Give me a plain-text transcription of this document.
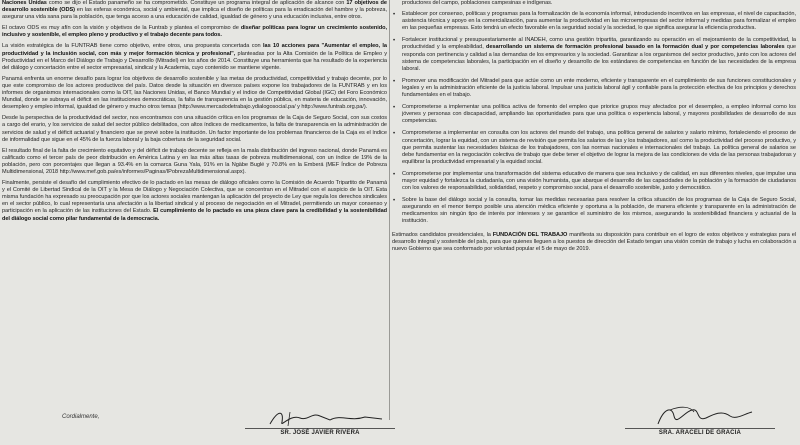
Naciones Unidas como se dijo el Estado panameño se ha comprometido. Constituye un programa integral de aplicación de alcance con 17 objetivos de desarrollo sostenible (ODS) en las esferas económica, social y ambiental, que implica el diseño de políticas para la erradicación del hambre y la pobreza, asegurar una vida sana para la población, que tenga acceso a una educación de calidad, igualdad de género y una educación inclusiva, entre otros.

El octavo ODS es muy afín con la visión y objetivos de la Funtrab y plantea el compromiso de diseñar políticas para lograr un crecimiento sostenido, inclusivo y sostenible, el empleo pleno y productivo y el trabajo decente para todos.

La visión estratégica de la FUNTRAB tiene como objetivo, entre otros, una propuesta concertada con las 10 acciones para "Aumentar el empleo, la productividad y la inclusión social, con más y mejor formación técnica y profesional", planteadas por la Alta Comisión de la Política de Empleo y Productividad en el Marco del Diálogo de Trabajo y Desarrollo (Mitradel) en los años de 2014. Constituye una herramienta que ha resultado de la experiencia del diálogo y concertación entre el sector empresarial, sindical y la Academia, cuyo contenido se mantiene vigente.

Panamá enfrenta un enorme desafío para lograr los objetivos de desarrollo sostenible y las metas de productividad, competitividad y trabajo decente, por lo que este compromiso de los actores productivos del país. Datos desde la situación en diversos países expone los trabajadores de la FUNTRAB y en los informes de organismos internacionales como la OIT, las Naciones Unidas, el Banco Mundial y el índice de Competitividad Global (IGC) del Foro Económico Mundial, donde se subraya el déficit en las instituciones democráticas, la falta de transparencia en la gestión pública, en materia de educación, innovación, desempleo y empleo informal, igualdad de género y mucho otros temas (http://www.mercadodetrabajo.ydialogosocial.pa/ y http://www.funtrab.org.pa/).

Desde la perspectiva de la productividad del sector, nos encontramos con una situación crítica en los programas de la Caja de Seguro Social, con sus costos a cargo del erario, y los servicios de salud del sector público debilitados, con altos índices de medicamentos, la falta de transparencia en la administración de servicios de salud y el déficit actuarial y financiero que se prevé sobre la institución. Un factor importante de los problemas financieros de la Caja es el índice de informalidad que sigue en el 45% de la fuerza laboral y la baja cobertura de la seguridad social.

El resultado final de la falta de crecimiento equitativo y del déficit de trabajo decente se refleja en la mala distribución del ingreso nacional, donde Panamá es calificado como el tercer país de peor distribución en América Latina y en las más altas tasas de pobreza multidimensional, con un índice de 19% de la población, pero con porcentajes que llegan a 93.4% en la comarca Guna Yala, 91% en la Ngäbe Buglé y 70.8% en la Emberá (MEF Índice de Pobreza Multidimensional, 2018 http://www.mef.gob.pa/es/informes/Paginas/IPobrezaMultidimensional.aspx).

Finalmente, persiste el desafío del cumplimiento efectivo de lo pactado en las mesas de diálogo oficiales como la Comisión de Acuerdo Tripartito de Panamá y el Comité de Libertad Sindical de la OIT y la Mesa de Diálogo y Negociación Colectiva, que se concentran en el Mitradel con el auspicio de la OIT. Esta misma fundación ha expresado su preocupación por que los actores sociales mantengan la aplicación del proyecto de Ley que regula los derechos sindicales en el sector público, lo cual representaría una afectación a la libertad sindical y al proceso de negociación en el Mitradel, permitiendo un mayor consenso y participación en la aplicación de las instituciones del Estado. El cumplimiento de lo pactado es una pieza clave para la credibilidad y la sostenibilidad del diálogo social como pilar fundamental de la democracia.

productores del campo, poblaciones campesinas e indígenas.

• Establecer por consenso, políticas y programas para la formalización de la economía informal, introduciendo incentivos en las empresas, el nivel de capacitación, asistencia técnica y apoyo en la comercialización, para aumentar la productividad en las microempresas del sector informal y medidas para formalizar el empleo en las pequeñas empresas. Esto tendrá un efecto favorable en la seguridad social y la sociedad, lo que significa asegurar la eficiencia productiva.
• Fortalecer institucional y presupuestariamente al INADEH, como una gestión tripartita, garantizando su operación en el mejoramiento de la competitividad, la productividad y la empleabilidad, desarrollando un sistema de formación profesional basado en la formación dual y por competencias laborales que responda con pertinencia y calidad a las demandas de los empresarios y la sociedad. Garantizar a los organismos del sector productivo, junto con los actores del sistema de competencias laborales, la participación en el diseño y desarrollo de los estándares de competencias en función de las necesidades de la empresa laboral.
• Promover una modificación del Mitradel para que actúe como un ente moderno, eficiente y transparente en el cumplimiento de sus funciones constitucionales y legales y en la administración eficiente de la justicia laboral. Impulsar una justicia laboral ágil y confiable para la protección efectiva de los principios y derechos fundamentales en el trabajo.
• Comprometerse a implementar una política activa de fomento del empleo que priorice grupos muy afectados por el desempleo, a empleo informal como los jóvenes y personas con discapacidad, ampliando las oportunidades para que una política o experiencia laboral, y mayores posibilidades de desarrollo de sus competencias.
• Comprometerse a implementar en consulta con los actores del mundo del trabajo, una política general de salarios y salario mínimo, fortaleciendo el proceso de concertación, lograr la equidad, con un sistema de revisión que permita los salarios de las y los trabajadores, así como la productividad del proceso productivo, y que permita sustentar las necesidades básicas de los trabajadores, con las normas nacionales e internacionales del trabajo. La política general de salarios se debe fundamentar en la negociación colectiva de trabajo que debe tener el objetivo de lograr la mejora de las condiciones de vida de las personas trabajadoras y equilibrar la productividad empresarial y la equidad social.
• Comprometerse por implementar una transformación del sistema educativo de manera que sea inclusivo y de calidad, en sus diferentes niveles, que impulse una mayor equidad y fortalezca la ciudadanía, con una visión humanista, que abarque el desarrollo de las capacidades de la población y la formación de ciudadanos con los valores de responsabilidad, solidaridad, respeto y compromiso social, para el desarrollo sostenible, justo y democrático.
• Sobre la base del diálogo social y la consulta, tomar las medidas necesarias para resolver la crítica situación de los programas de la Caja de Seguro Social, asegurando en el menor tiempo posible una atención médica eficiente y oportuna a la población, de manera eficiente y transparente en la administración de medicamentos sin ningún tipo de interés por intereses y se garantice el suministro de los mismos, asegurando la sostenibilidad financiera y actuarial de la institución.

Estimados candidatos presidenciales, la FUNDACIÓN DEL TRABAJO manifiesta su disposición para contribuir en el logro de estos objetivos y estrategias para el desarrollo integral y sostenible del país, para que quienes lleguen a los puestos de dirección del Estado tengan una visión común de trabajo y lucha en colaboración a nuevo Gobierno que sea conformado por voluntad popular el 5 de mayo de 2019.

Cordialmente,
SR. JOSÉ JAVIER RIVERA	SRA. ARACELI DE GRACIA
